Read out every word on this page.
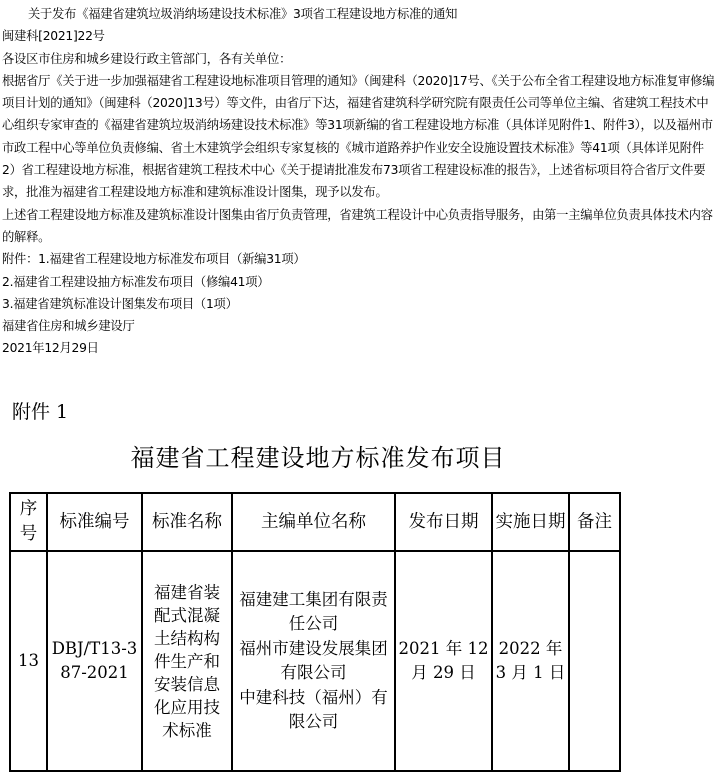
关于发布《福建省建筑垃圾消纳场建设技术标准》3项省工程建设地方标准的通知

闽建科[2021]22号

各设区市住房和城乡建设行政主管部门，各有关单位：

根据省厅《关于进一步加强福建省工程建设地标准项目管理的通知》（闽建科（2020]17号、《关于公布全省工程建设地方标准复审修编项目计划的通知》（闽建科（2020]13号）等文件，由省厅下达，福建省建筑科学研究院有限责任公司等单位主编、省建筑工程技术中心组织专家审查的《福建省建筑垃圾消纳场建设技术标准》等31项新编的省工程建设地方标准（具体详见附件1、附件3），以及福州市市政工程中心等单位负责修编、省土木建筑学会组织专家复核的《城市道路养护作业安全设施设置技术标准》等41项（具体详见附件2）省工程建设地方标准，根据省建筑工程技术中心《关于提请批准发布73项省工程建设标准的报告》，上述省标项目符合省厅文件要求，批准为福建省工程建设地方标准和建筑标准设计图集，现予以发布。

上述省工程建设地方标准及建筑标准设计图集由省厅负责管理，省建筑工程设计中心负责指导服务，由第一主编单位负责具体技术内容的解释。

附件：1.福建省工程建设地方标准发布项目（新编31项）

2.福建省工程建设抽方标准发布项目（修编41项）

3.福建省建筑标准设计图集发布项目（1项）

福建省住房和城乡建设厅

2021年12月29日

附件 1
福建省工程建设地方标准发布项目
序号	标准编号	标准名称	主编单位名称	发布日期	实施日期	备注
13	DBJ/T13-387-2021	福建省装配式混凝土结构构件生产和安装信息化应用技术标准	福建建工集团有限责任公司
福州市建设发展集团有限公司
中建科技（福州）有限公司	2021 年 12 月 29 日	2022 年 3 月 1 日	
